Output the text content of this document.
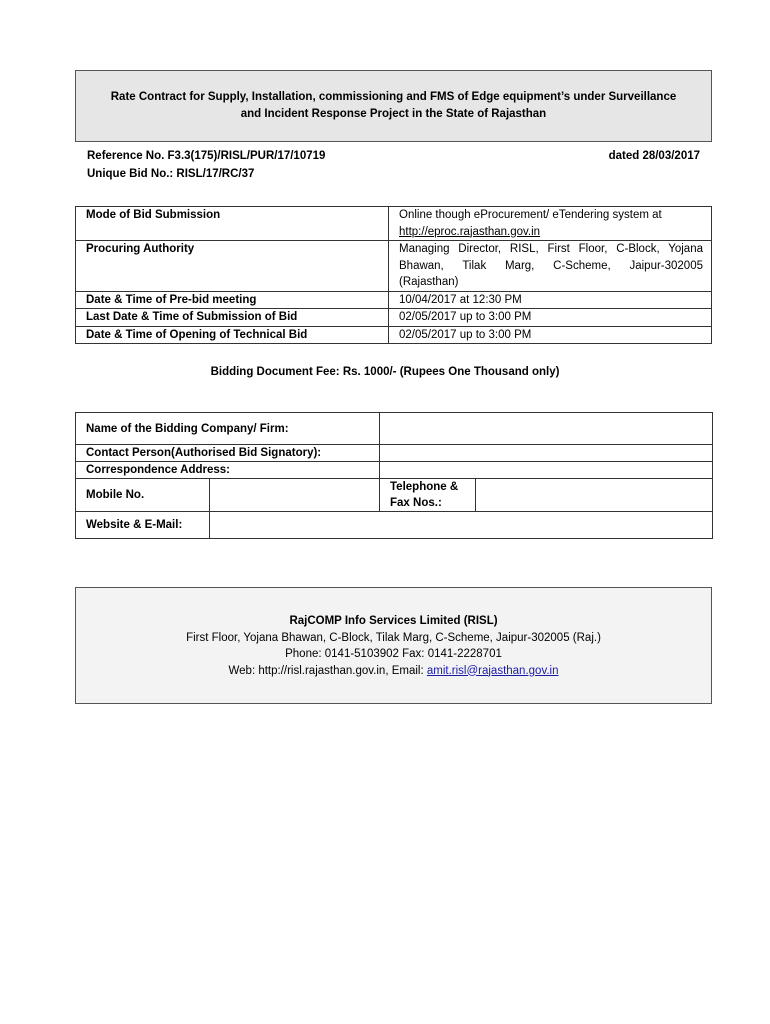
Rate Contract for Supply, Installation, commissioning and FMS of Edge equipment’s under Surveillance
and Incident Response Project in the State of Rajasthan
Reference No. F3.3(175)/RISL/PUR/17/10719
Unique Bid No.: RISL/17/RC/37
dated 28/03/2017
Mode of Bid Submission	Online though eProcurement/ eTendering system at
http://eproc.rajasthan.gov.in
Procuring Authority	Managing Director, RISL, First Floor, C-Block, Yojana Bhawan, Tilak Marg, C-Scheme, Jaipur-302005 (Rajasthan)
Date & Time of Pre-bid meeting	10/04/2017 at 12:30 PM
Last Date & Time of Submission of Bid	02/05/2017 up to 3:00 PM
Date & Time of Opening of Technical Bid	02/05/2017 up to 3:00 PM
Bidding Document Fee: Rs. 1000/- (Rupees One Thousand only)
Name of the Bidding Company/ Firm:			
Contact Person(Authorised Bid Signatory):			
Correspondence Address:			
Mobile No.		Telephone & Fax Nos.:	
Website & E-Mail:			
RajCOMP Info Services Limited (RISL)
First Floor, Yojana Bhawan, C-Block, Tilak Marg, C-Scheme, Jaipur-302005 (Raj.)
Phone: 0141-5103902 Fax: 0141-2228701
Web: http://risl.rajasthan.gov.in, Email: amit.risl@rajasthan.gov.in
